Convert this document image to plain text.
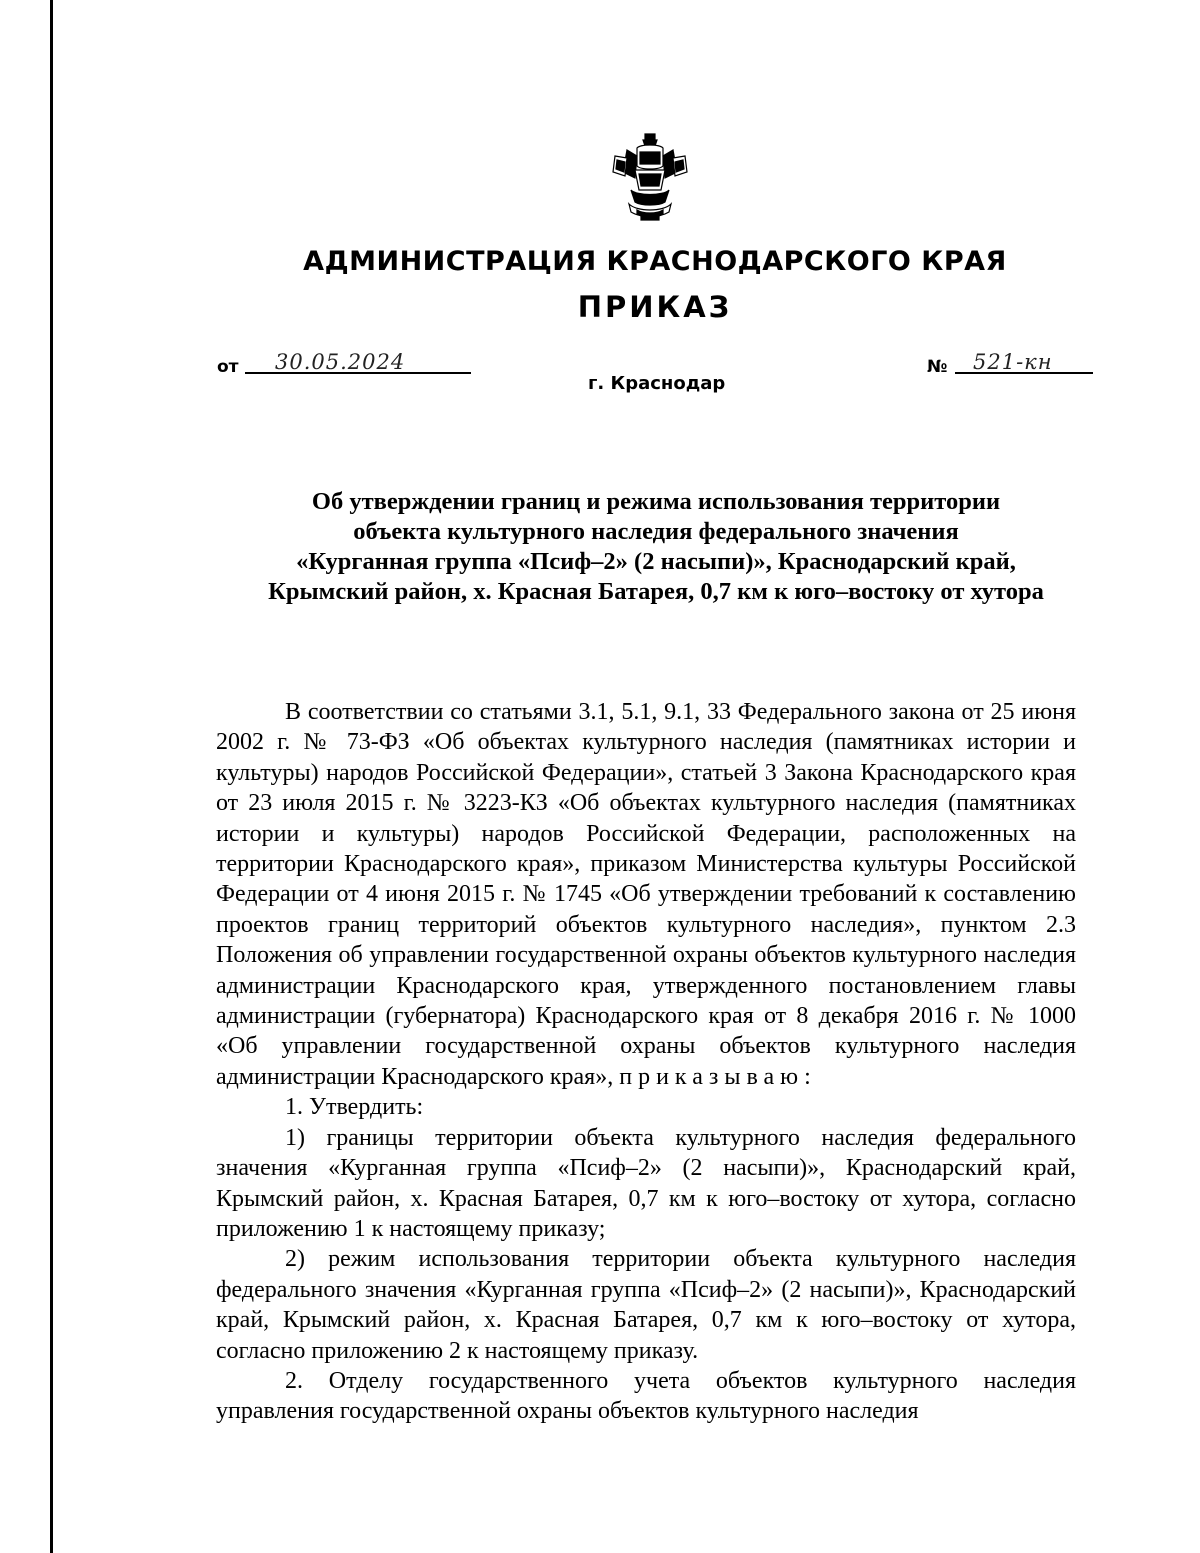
АДМИНИСТРАЦИЯ КРАСНОДАРСКОГО КРАЯ
ПРИКАЗ
от 30.05.2024	№ 521-кн
г. Краснодар
Об утверждении границ и режима использования территории
объекта культурного наследия федерального значения
«Курганная группа «Псиф–2» (2 насыпи)», Краснодарский край,
Крымский район, х. Красная Батарея, 0,7 км к юго–востоку от хутора

В соответствии со статьями 3.1, 5.1, 9.1, 33 Федерального закона от 25 июня 2002 г. № 73-ФЗ «Об объектах культурного наследия (памятниках истории и культуры) народов Российской Федерации», статьей 3 Закона Краснодарского края от 23 июля 2015 г. № 3223-КЗ «Об объектах культурного наследия (памятниках истории и культуры) народов Российской Федерации, расположенных на территории Краснодарского края», приказом Министерства культуры Российской Федерации от 4 июня 2015 г. № 1745 «Об утверждении требований к составлению проектов границ территорий объектов культурного наследия», пунктом 2.3 Положения об управлении государственной охраны объектов культурного наследия администрации Краснодарского края, утвержденного постановлением главы администрации (губернатора) Краснодарского края от 8 декабря 2016 г. № 1000 «Об управлении государственной охраны объектов культурного наследия администрации Краснодарского края», приказываю:

1. Утвердить:

1) границы территории объекта культурного наследия федерального значения «Курганная группа «Псиф–2» (2 насыпи)», Краснодарский край, Крымский район, х. Красная Батарея, 0,7 км к юго–востоку от хутора, согласно приложению 1 к настоящему приказу;

2) режим использования территории объекта культурного наследия федерального значения «Курганная группа «Псиф–2» (2 насыпи)», Краснодарский край, Крымский район, х. Красная Батарея, 0,7 км к юго–востоку от хутора, согласно приложению 2 к настоящему приказу.

2. Отделу государственного учета объектов культурного наследия управления государственной охраны объектов культурного наследия
